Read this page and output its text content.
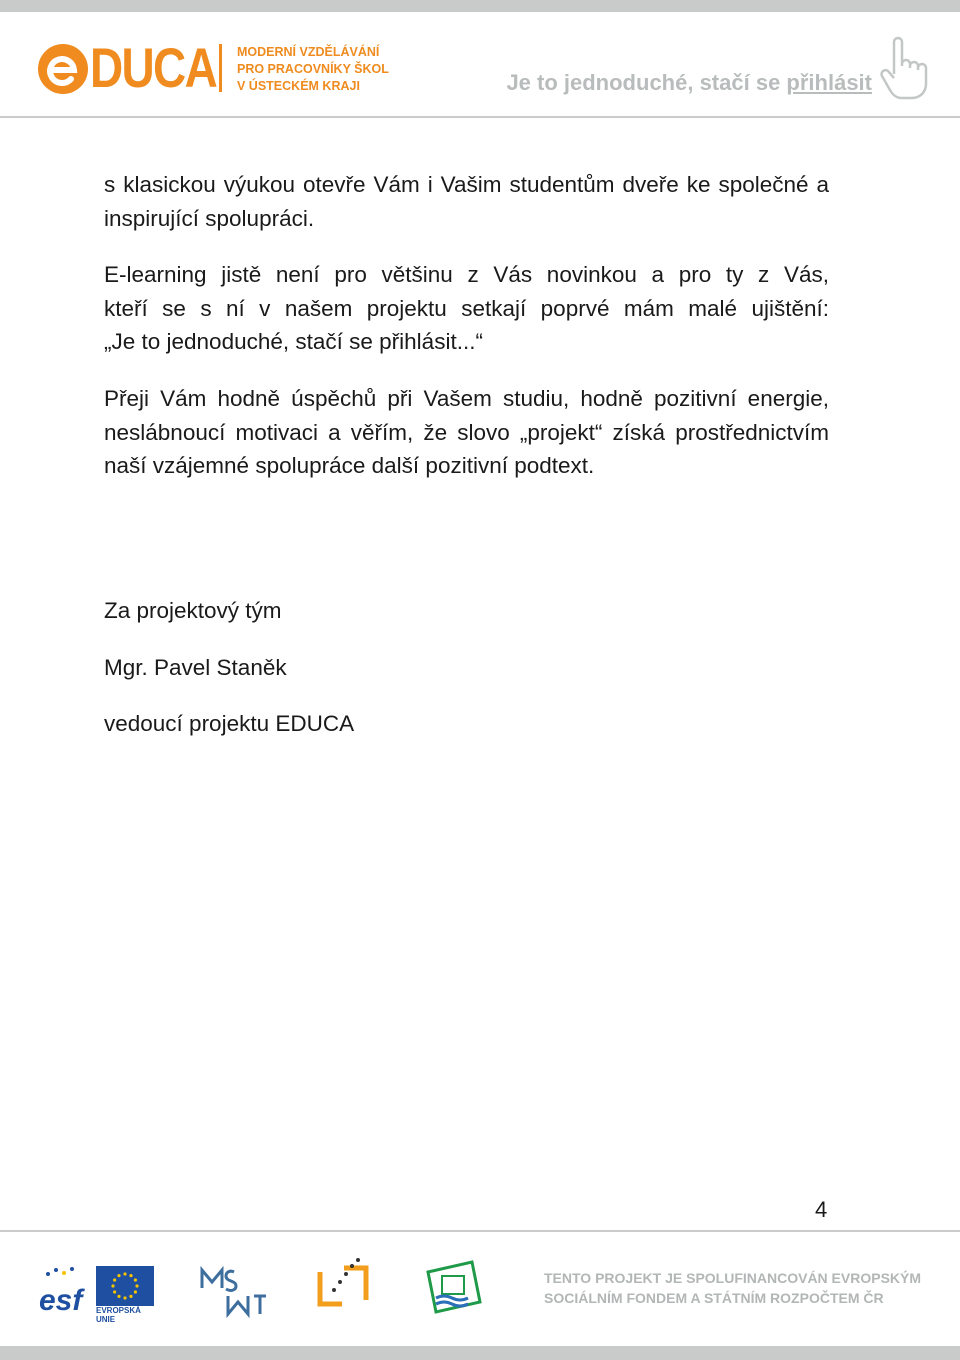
DUCA MODERNÍ VZDĚLÁVÁNÍ
PRO PRACOVNÍKY ŠKOL
V ÚSTECKÉM KRAJI	Je to jednoduché, stačí se přihlásit
s klasickou výukou otevře Vám i Vašim studentům dveře ke společné a inspirující spolupráci.
E-learning jistě není pro většinu z Vás novinkou a pro ty z Vás,
kteří se s ní v našem projektu setkají poprvé mám malé ujištění:
„Je to jednoduché, stačí se přihlásit...“
Přeji Vám hodně úspěchů při Vašem studiu, hodně pozitivní energie, neslábnoucí motivaci a věřím, že slovo „projekt“ získá prostřednictvím naší vzájemné spolupráce další pozitivní podtext.
Za projektový tým
Mgr. Pavel Staněk
vedoucí projektu EDUCA
4
esf	EVROPSKÁ UNIE
TENTO PROJEKT JE SPOLUFINANCOVÁN EVROPSKÝM
SOCIÁLNÍM FONDEM A STÁTNÍM ROZPOČTEM ČR
